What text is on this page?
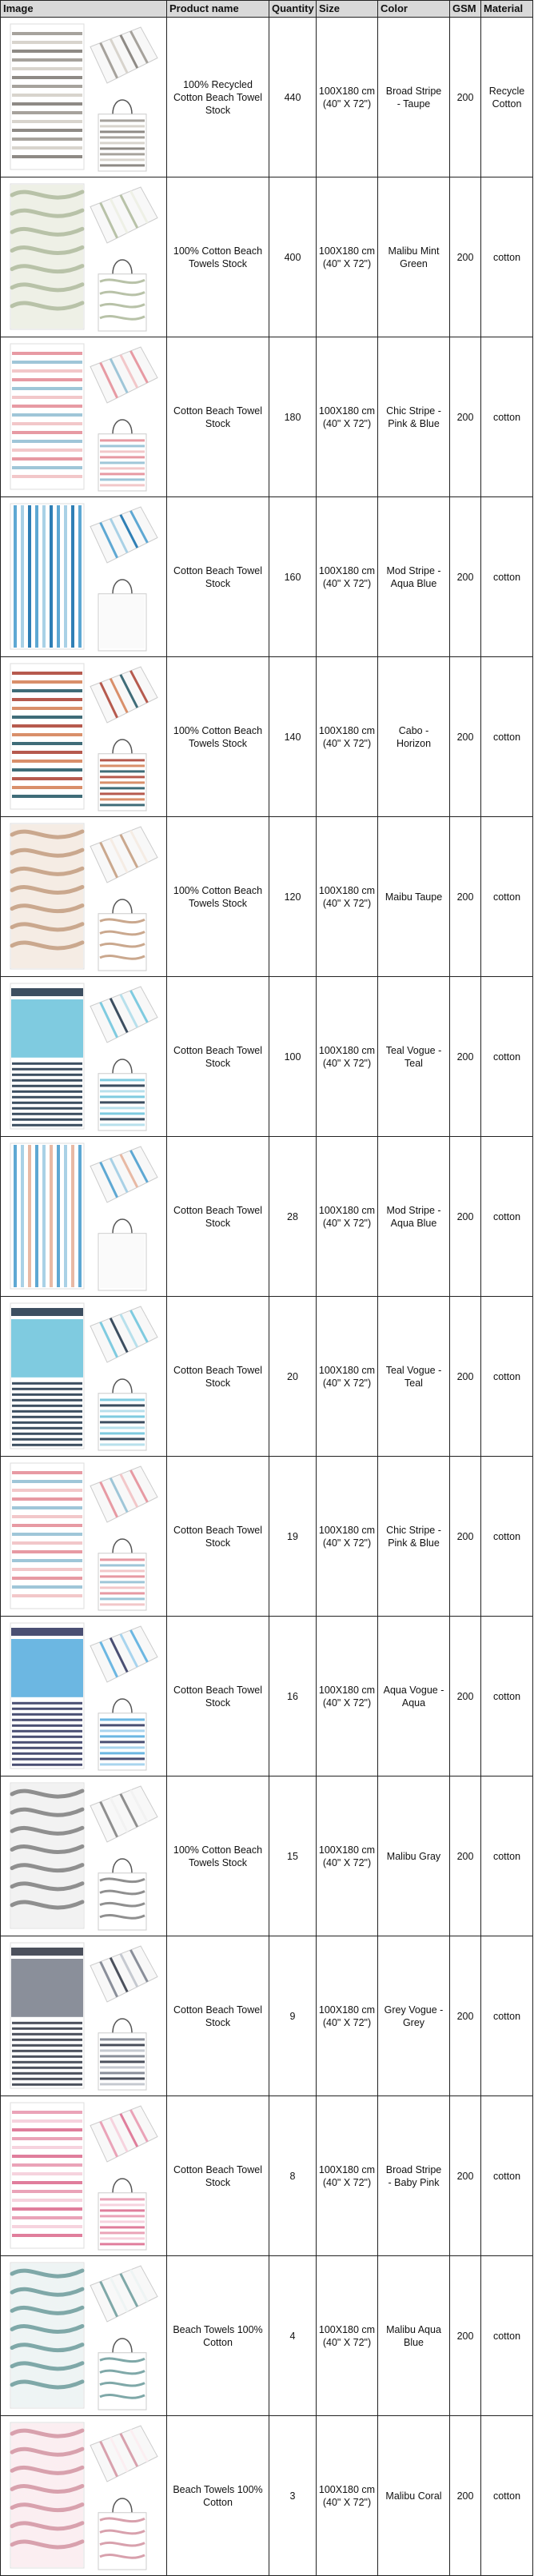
Image	Product name	Quantity	Size	Color	GSM	Material

	100% Recycled Cotton Beach Towel Stock	440	100X180 cm (40" X 72")	Broad Stripe - Taupe	200	Recycle Cotton

	100% Cotton Beach Towels Stock	400	100X180 cm (40" X 72")	Malibu Mint Green	200	cotton

	Cotton Beach Towel Stock	180	100X180 cm (40" X 72")	Chic Stripe - Pink & Blue	200	cotton

	Cotton Beach Towel Stock	160	100X180 cm (40" X 72")	Mod Stripe - Aqua Blue	200	cotton

	100% Cotton Beach Towels Stock	140	100X180 cm (40" X 72")	Cabo - Horizon	200	cotton

	100% Cotton Beach Towels Stock	120	100X180 cm (40" X 72")	Maibu Taupe	200	cotton

	Cotton Beach Towel Stock	100	100X180 cm (40" X 72")	Teal Vogue - Teal	200	cotton

	Cotton Beach Towel Stock	28	100X180 cm (40" X 72")	Mod Stripe - Aqua Blue	200	cotton

	Cotton Beach Towel Stock	20	100X180 cm (40" X 72")	Teal Vogue - Teal	200	cotton

	Cotton Beach Towel Stock	19	100X180 cm (40" X 72")	Chic Stripe - Pink & Blue	200	cotton

	Cotton Beach Towel Stock	16	100X180 cm (40" X 72")	Aqua Vogue - Aqua	200	cotton

	100% Cotton Beach Towels Stock	15	100X180 cm (40" X 72")	Malibu Gray	200	cotton

	Cotton Beach Towel Stock	9	100X180 cm (40" X 72")	Grey Vogue - Grey	200	cotton

	Cotton Beach Towel Stock	8	100X180 cm (40" X 72")	Broad Stripe - Baby Pink	200	cotton

	Beach Towels 100% Cotton	4	100X180 cm (40" X 72")	Malibu Aqua Blue	200	cotton

	Beach Towels 100% Cotton	3	100X180 cm (40" X 72")	Malibu Coral	200	cotton
